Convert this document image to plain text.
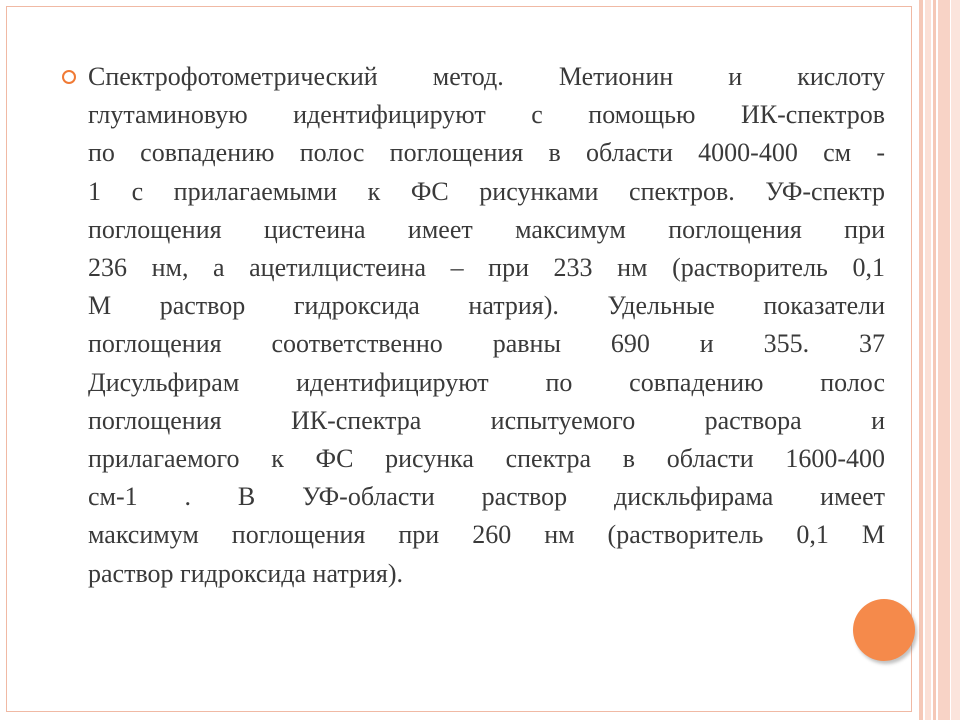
Спектрофотометрический метод. Метионин и кислоту
глутаминовую идентифицируют с помощью ИК-спектров
по совпадению полос поглощения в области 4000-400 см -
1 с прилагаемыми к ФС рисунками спектров. УФ-спектр
поглощения цистеина имеет максимум поглощения при
236 нм, а ацетилцистеина – при 233 нм (растворитель 0,1
М раствор гидроксида натрия). Удельные показатели
поглощения соответственно равны 690 и 355. 37
Дисульфирам идентифицируют по совпадению полос
поглощения ИК-спектра испытуемого раствора и
прилагаемого к ФС рисунка спектра в области 1600-400
см-1 . В УФ-области раствор дискльфирама имеет
максимум поглощения при 260 нм (растворитель 0,1 М
раствор гидроксида натрия).
